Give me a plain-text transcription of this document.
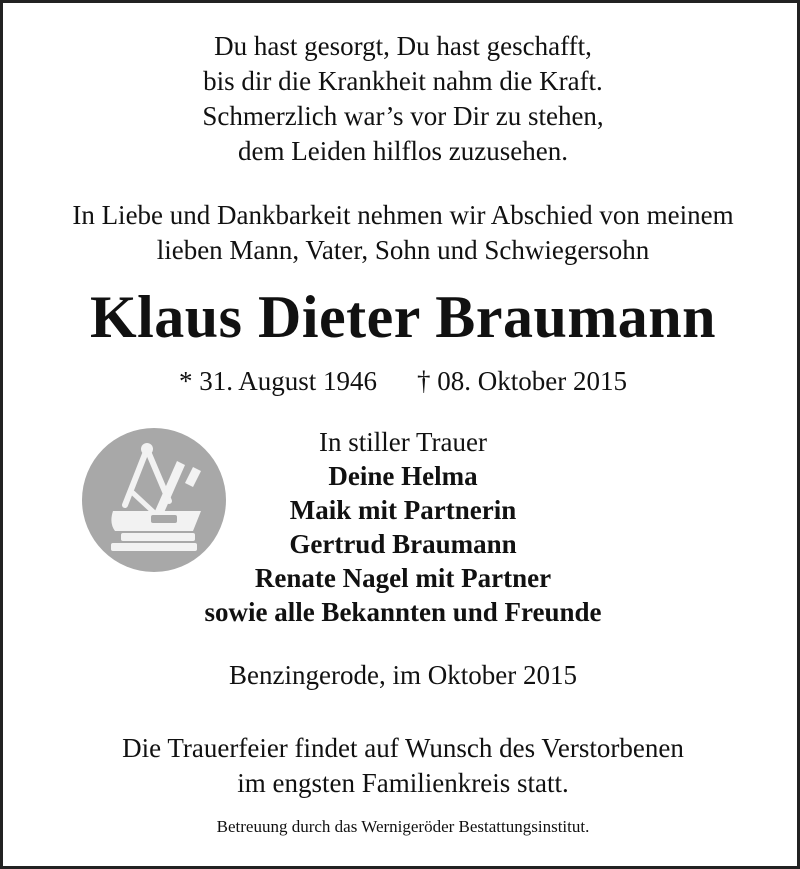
Du hast gesorgt, Du hast geschafft,
bis dir die Krankheit nahm die Kraft.
Schmerzlich war’s vor Dir zu stehen,
dem Leiden hilflos zuzusehen.
In Liebe und Dankbarkeit nehmen wir Abschied von meinem
lieben Mann, Vater, Sohn und Schwiegersohn
Klaus Dieter Braumann
* 31. August 1946 † 08. Oktober 2015
In stiller Trauer
Deine Helma
Maik mit Partnerin
Gertrud Braumann
Renate Nagel mit Partner
sowie alle Bekannten und Freunde
Benzingerode, im Oktober 2015
Die Trauerfeier findet auf Wunsch des Verstorbenen
im engsten Familienkreis statt.
Betreuung durch das Wernigeröder Bestattungsinstitut.
